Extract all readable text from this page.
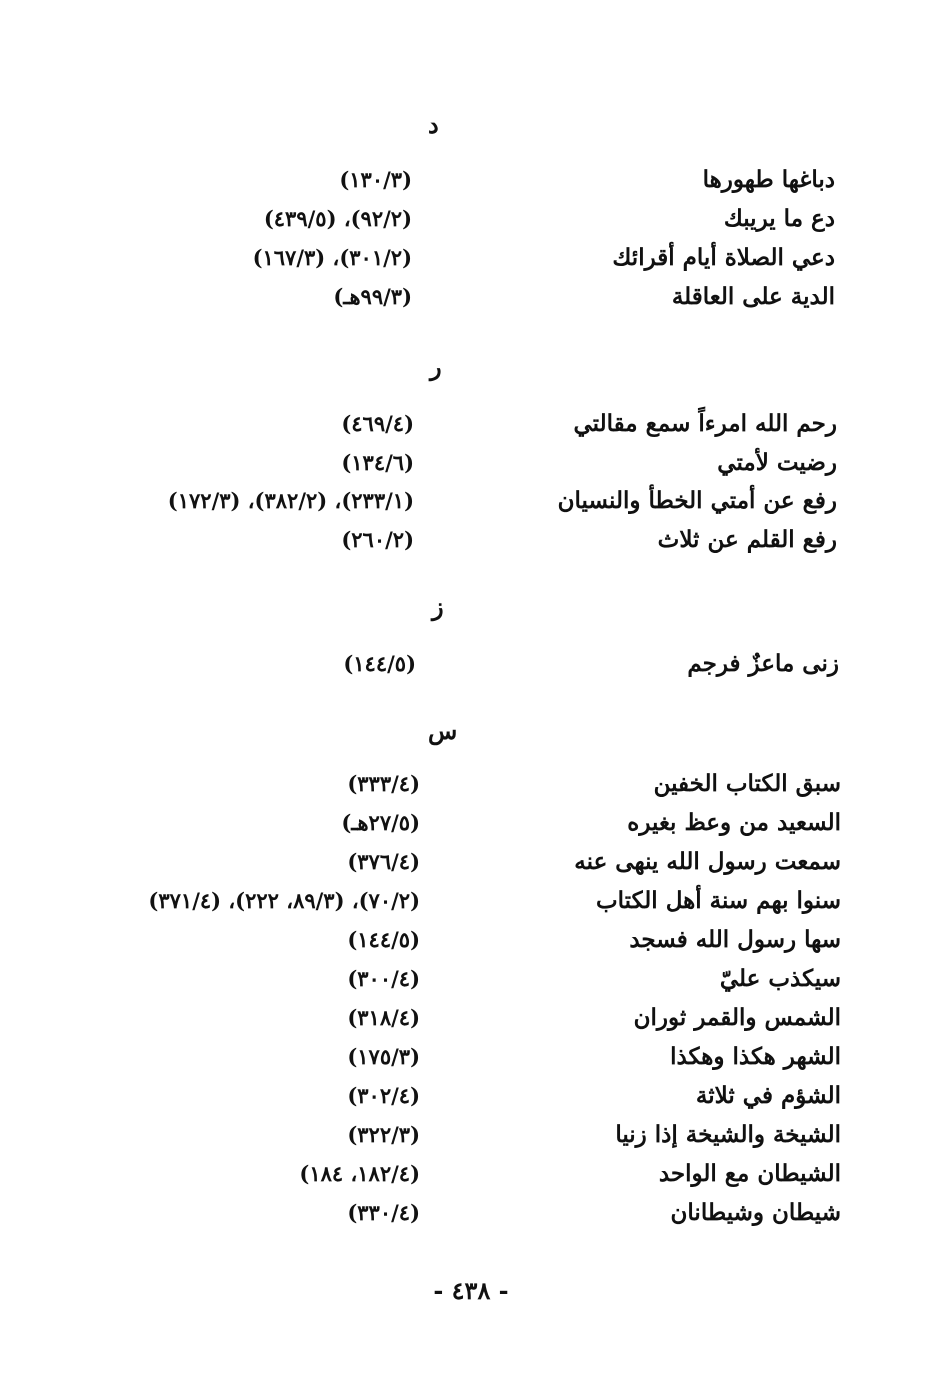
د
دباغها طهورها
(١٣٠/٣)
دع ما يريبك
(٩٢/٢)، (٤٣٩/٥)
دعي الصلاة أيام أقرائك
(٣٠١/٢)، (١٦٧/٣)
الدية على العاقلة
(٩٩/٣هـ)
ر
رحم الله امرءاً سمع مقالتي
(٤٦٩/٤)
رضيت لأمتي
(١٣٤/٦)
رفع عن أمتي الخطأ والنسيان
(٢٣٣/١)، (٣٨٢/٢)، (١٧٢/٣)
رفع القلم عن ثلاث
(٢٦٠/٢)
ز
زنى ماعزٌ فرجم
(١٤٤/٥)
س
سبق الكتاب الخفين
(٣٣٣/٤)
السعيد من وعظ بغيره
(٢٧/٥هـ)
سمعت رسول الله ينهى عنه
(٣٧٦/٤)
سنوا بهم سنة أهل الكتاب
(٧٠/٢)، (٨٩/٣، ٢٢٢)، (٣٧١/٤)
سها رسول الله فسجد
(١٤٤/٥)
سيكذب عليّ
(٣٠٠/٤)
الشمس والقمر ثوران
(٣١٨/٤)
الشهر هكذا وهكذا
(١٧٥/٣)
الشؤم في ثلاثة
(٣٠٢/٤)
الشيخة والشيخة إذا زنيا
(٣٢٢/٣)
الشيطان مع الواحد
(١٨٢/٤، ١٨٤)
شيطان وشيطانان
(٣٣٠/٤)
- ٤٣٨ -
